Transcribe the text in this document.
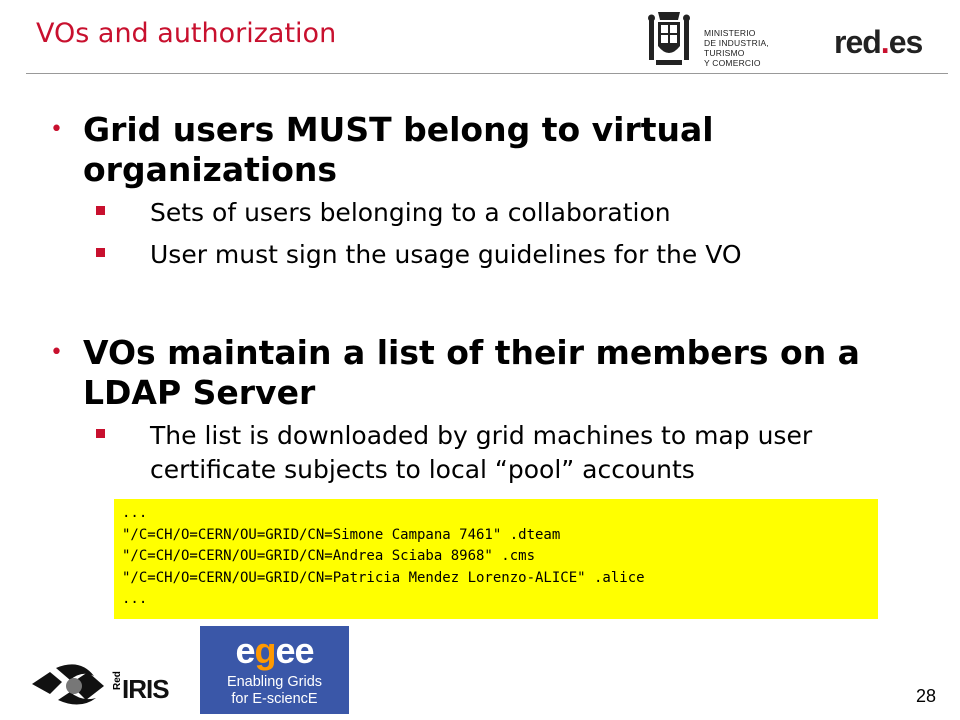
VOs and authorization	MINISTERIO
DE INDUSTRIA, TURISMO
Y COMERCIO
red.es
• Grid users MUST belong to virtual organizations
Sets of users belonging to a collaboration
User must sign the usage guidelines for the VO
• VOs maintain a list of their members on a LDAP Server
The list is downloaded by grid machines to map user certificate subjects to local “pool” accounts
...
"/C=CH/O=CERN/OU=GRID/CN=Simone Campana 7461" .dteam
"/C=CH/O=CERN/OU=GRID/CN=Andrea Sciaba 8968" .cms
"/C=CH/O=CERN/OU=GRID/CN=Patricia Mendez Lorenzo-ALICE" .alice
...
Red IRIS
egee
Enabling Grids
for E-sciencE	28
